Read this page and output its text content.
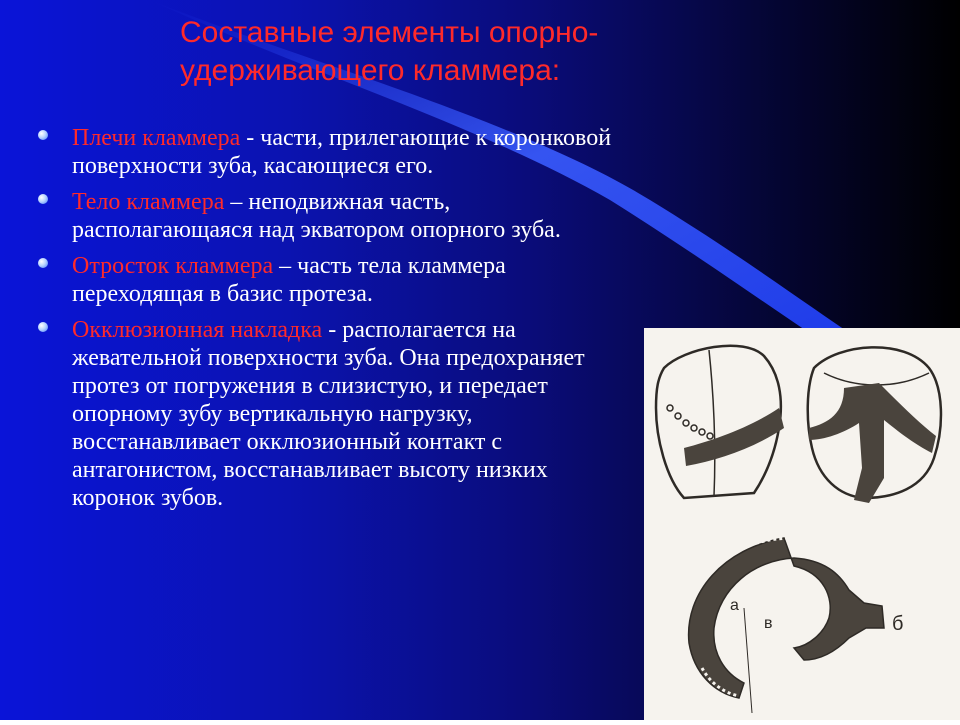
Составные элементы опорно-удерживающего кламмера:
Плечи кламмера - части, прилегающие к коронковой поверхности зуба, касающиеся его.
Тело кламмера – неподвижная часть, располагающаяся над экватором опорного зуба.
Отросток кламмера – часть тела кламмера переходящая в базис протеза.
Окклюзионная накладка - располагается на жевательной поверхности зуба. Она предохраняет протез от погружения в слизистую, и передает опорному зубу вертикальную нагрузку, восстанавливает окклюзионный контакт с антагонистом, восстанавливает высоту низких коронок зубов.
а
в	б
